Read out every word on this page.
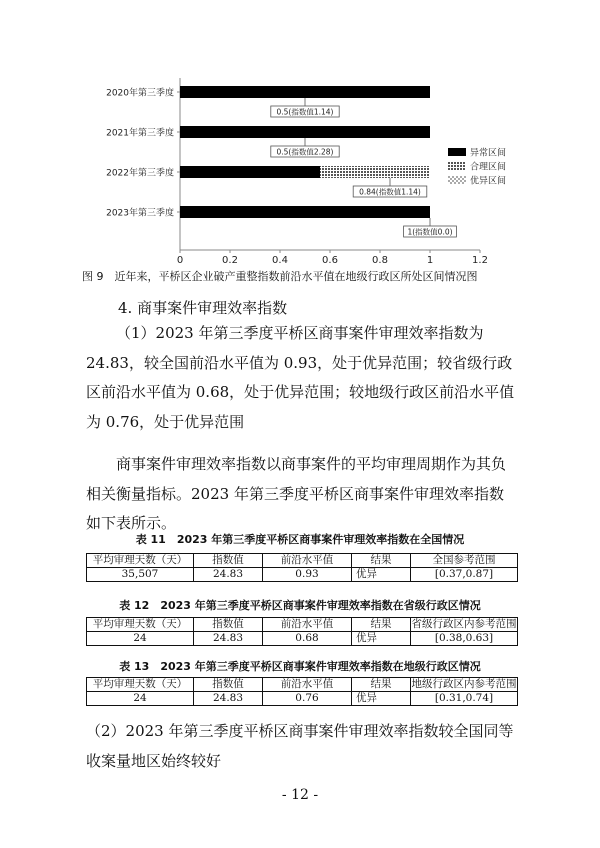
0	0.2	0.4	0.6	0.8	1	1.2
2020年第三季度
0.5(指数值1.14)
2021年第三季度
0.5(指数值2.28)
2022年第三季度
0.84(指数值1.14)
2023年第三季度
1(指数值0.0)
异常区间
合理区间
优异区间
图 9　近年来，平桥区企业破产重整指数前沿水平值在地级行政区所处区间情况图
4. 商事案件审理效率指数

（1）2023 年第三季度平桥区商事案件审理效率指数为 24.83，较全国前沿水平值为 0.93，处于优异范围；较省级行政区前沿水平值为 0.68，处于优异范围；较地级行政区前沿水平值为 0.76，处于优异范围

商事案件审理效率指数以商事案件的平均审理周期作为其负相关衡量指标。2023 年第三季度平桥区商事案件审理效率指数如下表所示。

表 11　2023 年第三季度平桥区商事案件审理效率指数在全国情况
平均审理天数（天）	指数值	前沿水平值	结果	全国参考范围
35,507	24.83	0.93	优异	[0.37,0.87]
表 12　2023 年第三季度平桥区商事案件审理效率指数在省级行政区情况
平均审理天数（天）	指数值	前沿水平值	结果	省级行政区内参考范围
24	24.83	0.68	优异	[0.38,0.63]
表 13　2023 年第三季度平桥区商事案件审理效率指数在地级行政区情况
平均审理天数（天）	指数值	前沿水平值	结果	地级行政区内参考范围
24	24.83	0.76	优异	[0.31,0.74]

（2）2023 年第三季度平桥区商事案件审理效率指数较全国同等收案量地区始终较好

- 12 -
